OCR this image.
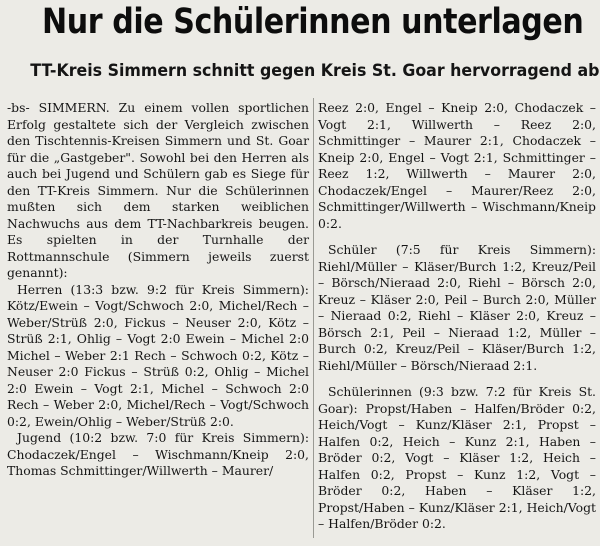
Nur die Schülerinnen unterlagen
TT-Kreis Simmern schnitt gegen Kreis St. Goar hervorragend ab

-bs- SIMMERN. Zu einem vollen sportlichen Erfolg gestaltete sich der Vergleich zwischen den Tischtennis-Kreisen Simmern und St. Goar für die „Gastgeber". Sowohl bei den Herren als auch bei Jugend und Schülern gab es Siege für den TT-Kreis Simmern. Nur die Schülerinnen mußten sich dem starken weiblichen Nachwuchs aus dem TT-Nachbarkreis beugen. Es spielten in der Turnhalle der Rottmannschule (Simmern jeweils zuerst genannt):

Herren (13:3 bzw. 9:2 für Kreis Simmern): Kötz/Ewein – Vogt/Schwoch 2:0, Michel/Rech – Weber/Strüß 2:0, Fickus – Neuser 2:0, Kötz – Strüß 2:1, Ohlig – Vogt 2:0 Ewein – Michel 2:0 Michel – Weber 2:1 Rech – Schwoch 0:2, Kötz – Neuser 2:0 Fickus – Strüß 0:2, Ohlig – Michel 2:0 Ewein – Vogt 2:1, Michel – Schwoch 2:0 Rech – Weber 2:0, Michel/Rech – Vogt/Schwoch 0:2, Ewein/Ohlig – Weber/Strüß 2:0.

Jugend (10:2 bzw. 7:0 für Kreis Simmern): Chodaczek/Engel – Wischmann/Kneip 2:0, Thomas Schmittinger/Willwerth – Maurer/

Reez 2:0, Engel – Kneip 2:0, Chodaczek – Vogt 2:1, Willwerth – Reez 2:0, Schmittinger – Maurer 2:1, Chodaczek – Kneip 2:0, Engel – Vogt 2:1, Schmittinger – Reez 1:2, Willwerth – Maurer 2:0, Chodaczek/Engel – Maurer/Reez 2:0, Schmittinger/Willwerth – Wischmann/Kneip 0:2.

Schüler (7:5 für Kreis Simmern): Riehl/Müller – Kläser/Burch 1:2, Kreuz/Peil – Börsch/Nieraad 2:0, Riehl – Börsch 2:0, Kreuz – Kläser 2:0, Peil – Burch 2:0, Müller – Nieraad 0:2, Riehl – Kläser 2:0, Kreuz – Börsch 2:1, Peil – Nieraad 1:2, Müller – Burch 0:2, Kreuz/Peil – Kläser/Burch 1:2, Riehl/Müller – Börsch/Nieraad 2:1.

Schülerinnen (9:3 bzw. 7:2 für Kreis St. Goar): Propst/Haben – Halfen/Bröder 0:2, Heich/Vogt – Kunz/Kläser 2:1, Propst – Halfen 0:2, Heich – Kunz 2:1, Haben – Bröder 0:2, Vogt – Kläser 1:2, Heich – Halfen 0:2, Propst – Kunz 1:2, Vogt – Bröder 0:2, Haben – Kläser 1:2, Propst/Haben – Kunz/Kläser 2:1, Heich/Vogt – Halfen/Bröder 0:2.
